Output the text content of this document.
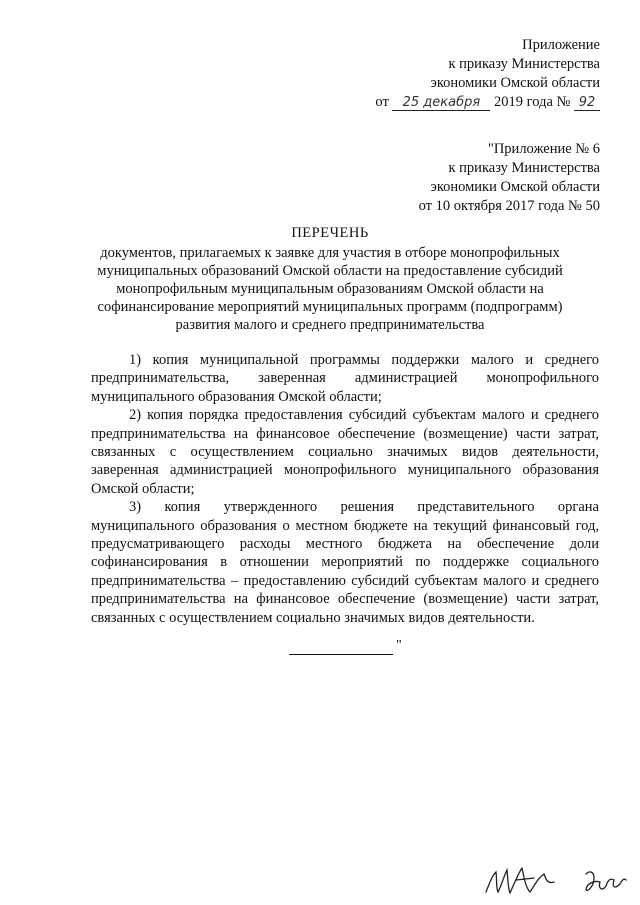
Приложение
к приказу Министерства
экономики Омской области
от 25 декабря 2019 года № 92
"Приложение № 6
к приказу Министерства
экономики Омской области
от 10 октября 2017 года № 50
ПЕРЕЧЕНЬ
документов, прилагаемых к заявке для участия в отборе монопрофильных
муниципальных образований Омской области на предоставление субсидий
монопрофильным муниципальным образованиям Омской области на
софинансирование мероприятий муниципальных программ (подпрограмм)
развития малого и среднего предпринимательства

1) копия муниципальной программы поддержки малого и среднего предпринимательства, заверенная администрацией монопрофильного муниципального образования Омской области;

2) копия порядка предоставления субсидий субъектам малого и среднего предпринимательства на финансовое обеспечение (возмещение) части затрат, связанных с осуществлением социально значимых видов деятельности, заверенная администрацией монопрофильного муниципального образования Омской области;

3) копия утвержденного решения представительного органа муниципального образования о местном бюджете на текущий финансовый год, предусматривающего расходы местного бюджета на обеспечение доли софинансирования в отношении мероприятий по поддержке социального предпринимательства – предоставлению субсидий субъектам малого и среднего предпринимательства на финансовое обеспечение (возмещение) части затрат, связанных с осуществлением социально значимых видов деятельности.

"
